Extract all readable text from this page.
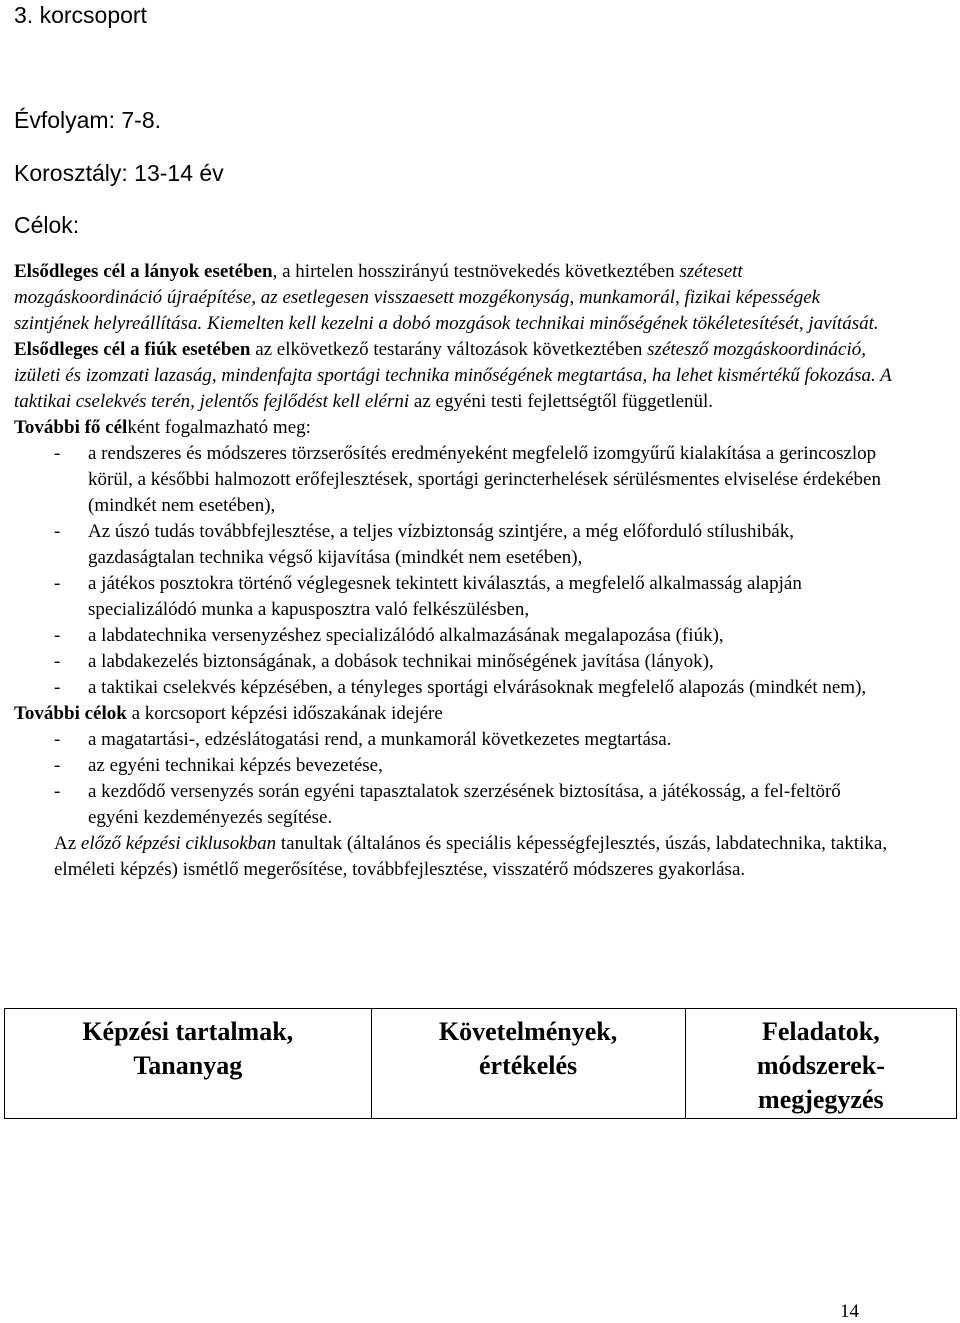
3. korcsoport
Évfolyam: 7-8.
Korosztály: 13-14 év
Célok:

Elsődleges cél a lányok esetében, a hirtelen hosszirányú testnövekedés következtében szétesett mozgáskoordináció újraépítése, az esetlegesen visszaesett mozgékonyság, munkamorál, fizikai képességek szintjének helyreállítása. Kiemelten kell kezelni a dobó mozgások technikai minőségének tökéletesítését, javítását.

Elsődleges cél a fiúk esetében az elkövetkező testarány változások következtében szétesző mozgáskoordináció, izületi és izomzati lazaság, mindenfajta sportági technika minőségének megtartása, ha lehet kismértékű fokozása. A taktikai cselekvés terén, jelentős fejlődést kell elérni az egyéni testi fejlettségtől függetlenül.

További fő célként fogalmazható meg:

- a rendszeres és módszeres törzserősítés eredményeként megfelelő izomgyűrű kialakítása a gerincoszlop körül, a későbbi halmozott erőfejlesztések, sportági gerincterhelések sérülésmentes elviselése érdekében (mindkét nem esetében),
- Az úszó tudás továbbfejlesztése, a teljes vízbiztonság szintjére, a még előforduló stílushibák, gazdaságtalan technika végső kijavítása (mindkét nem esetében),
- a játékos posztokra történő véglegesnek tekintett kiválasztás, a megfelelő alkalmasság alapján specializálódó munka a kapusposztra való felkészülésben,
- a labdatechnika versenyzéshez specializálódó alkalmazásának megalapozása (fiúk),
- a labdakezelés biztonságának, a dobások technikai minőségének javítása (lányok),
- a taktikai cselekvés képzésében, a tényleges sportági elvárásoknak megfelelő alapozás (mindkét nem),

További célok a korcsoport képzési időszakának idejére

- a magatartási-, edzéslátogatási rend, a munkamorál következetes megtartása.
- az egyéni technikai képzés bevezetése,
- a kezdődő versenyzés során egyéni tapasztalatok szerzésének biztosítása, a játékosság, a fel-feltörő egyéni kezdeményezés segítése.

Az előző képzési ciklusokban tanultak (általános és speciális képességfejlesztés, úszás, labdatechnika, taktika, elméleti képzés) ismétlő megerősítése, továbbfejlesztése, visszatérő módszeres gyakorlása.

Képzési tartalmak, Tananyag	Követelmények, értékelés	Feladatok, módszerek-megjegyzés
14
